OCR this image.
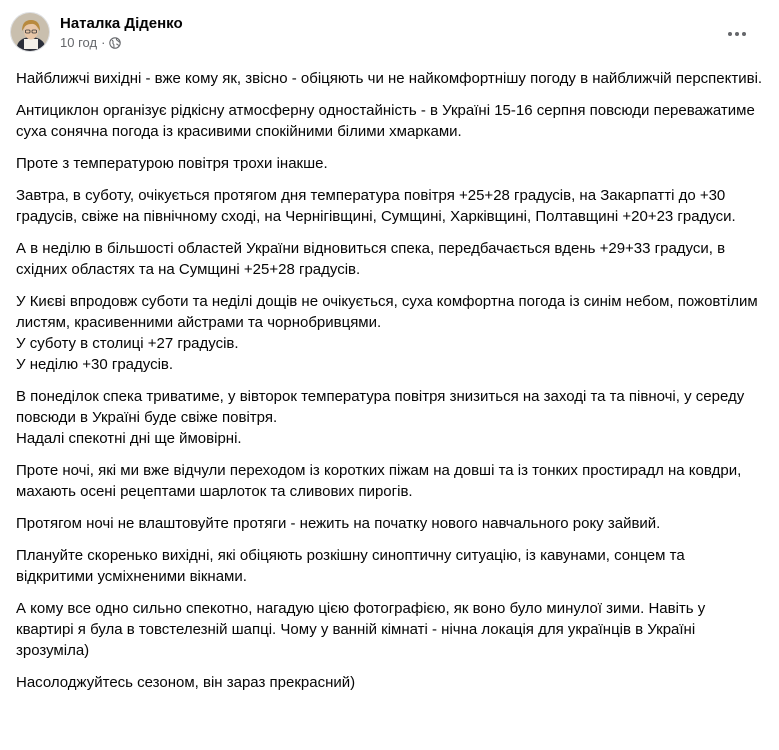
Наталка Діденко
10 год ·

Найближчі вихідні - вже кому як, звісно - обіцяють чи не найкомфортнішу погоду в найближчій перспективі.

Антициклон організує рідкісну атмосферну одностайність - в Україні 15-16 серпня повсюди переважатиме суха сонячна погода із красивими спокійними білими хмарками.

Проте з температурою повітря трохи інакше.

Завтра, в суботу, очікується протягом дня температура повітря +25+28 градусів, на Закарпатті до +30 градусів, свіже на північному сході, на Чернігівщині, Сумщині, Харківщині, Полтавщині +20+23 градуси.

А в неділю в більшості областей України відновиться спека, передбачається вдень +29+33 градуси, в східних областях та на Сумщині +25+28 градусів.

У Києві впродовж суботи та неділі дощів не очікується, суха комфортна погода із синім небом, пожовтілим листям, красивенними айстрами та чорнобривцями.
У суботу в столиці +27 градусів.
У неділю +30 градусів.

В понеділок спека триватиме, у вівторок температура повітря знизиться на заході та та півночі, у середу повсюди в Україні буде свіже повітря.
Надалі спекотні дні ще ймовірні.

Проте ночі, які ми вже відчули переходом із коротких піжам на довші та із тонких простирадл на ковдри, махають осені рецептами шарлоток та сливових пирогів.

Протягом ночі не влаштовуйте протяги - нежить на початку нового навчального року зайвий.

Плануйте скоренько вихідні, які обіцяють розкішну синоптичну ситуацію, із кавунами, сонцем та відкритими усміхненими вікнами.

А кому все одно сильно спекотно, нагадую цією фотографією, як воно було минулої зими. Навіть у квартирі я була в товстелезній шапці. Чому у ванній кімнаті - нічна локація для українців в Україні зрозуміла)

Насолоджуйтесь сезоном, він зараз прекрасний)
